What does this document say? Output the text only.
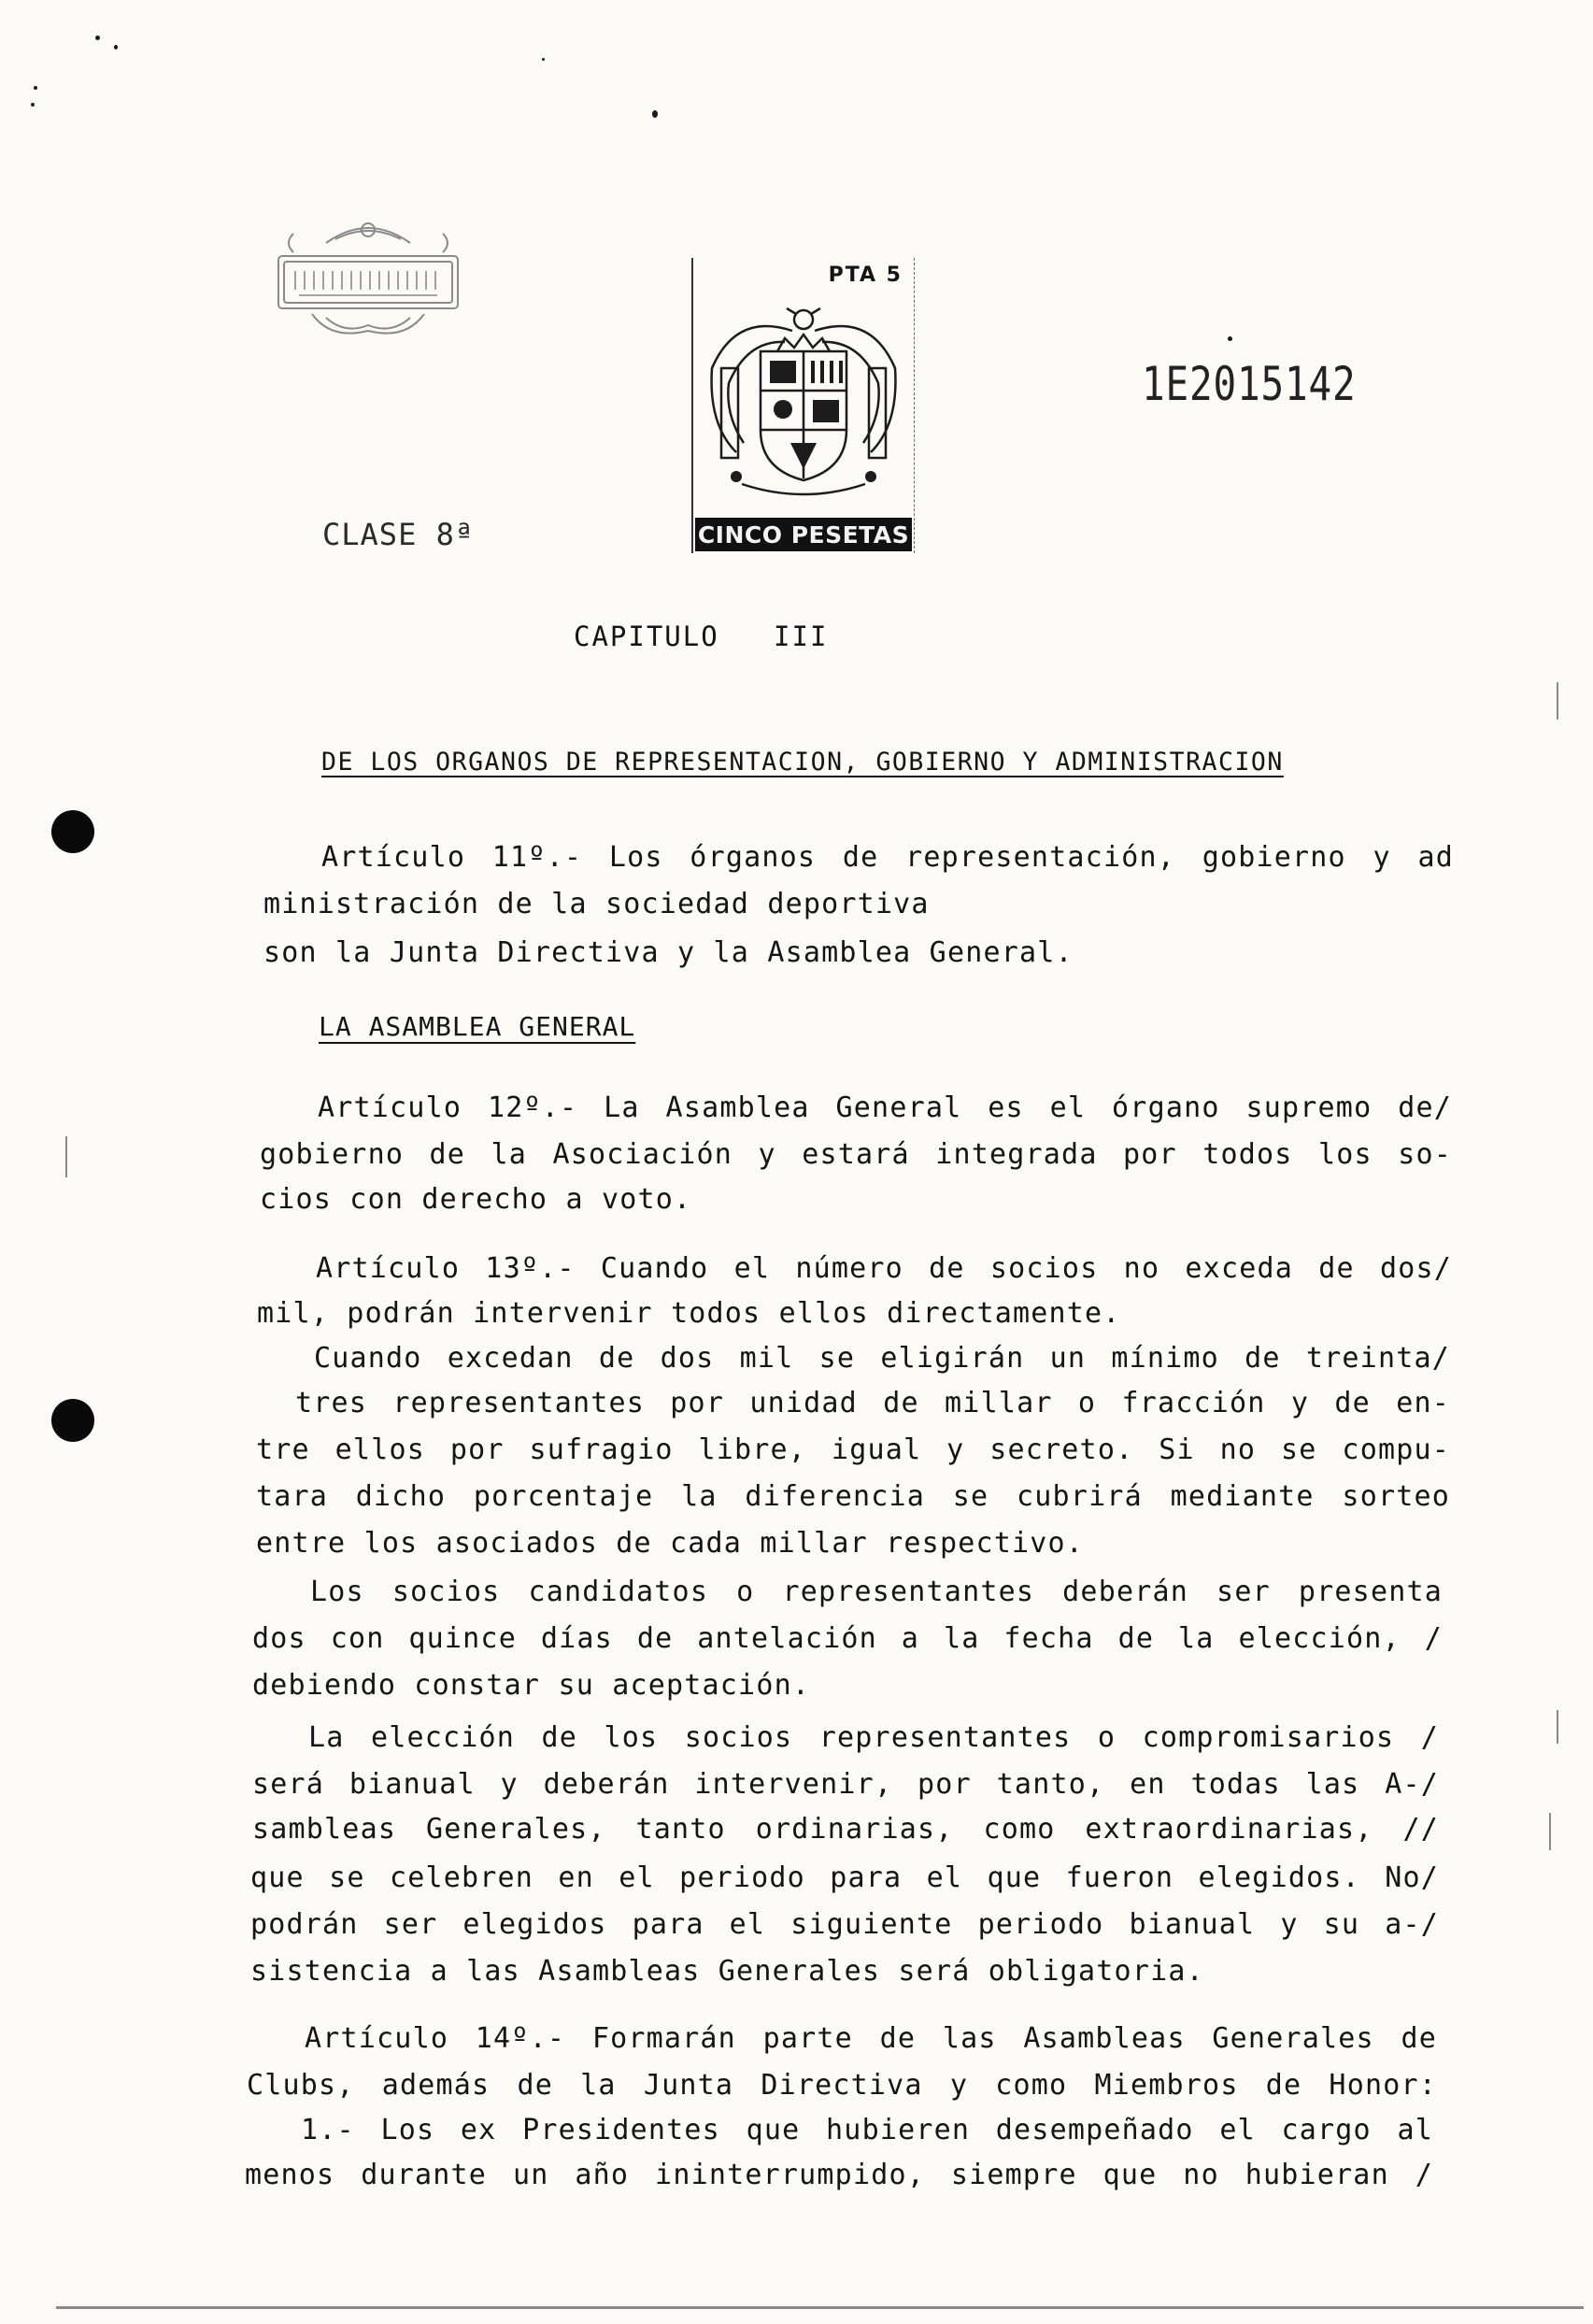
PTA 5
CINCO PESETAS
1E2015142
CLASE 8ª
CAPITULO   III
DE LOS ORGANOS DE REPRESENTACION, GOBIERNO Y ADMINISTRACION
Artículo 11º.- Los órganos de representación, gobierno y ad
ministración de la sociedad deportiva
son la Junta Directiva y la Asamblea General.
LA ASAMBLEA GENERAL
Artículo 12º.- La Asamblea General es el órgano supremo de/
gobierno de la Asociación y estará integrada por todos los so-
cios con derecho a voto.
Artículo 13º.- Cuando el número de socios no exceda de dos/
mil, podrán intervenir todos ellos directamente.
Cuando excedan de dos mil se eligirán un mínimo de treinta/
tres representantes por unidad de millar o fracción y de en-
tre ellos por sufragio libre, igual y secreto. Si no se compu-
tara dicho porcentaje la diferencia se cubrirá mediante sorteo
entre los asociados de cada millar respectivo.
Los socios candidatos o representantes deberán ser presenta
dos con quince días de antelación a la fecha de la elección, /
debiendo constar su aceptación.
La elección de los socios representantes o compromisarios /
será bianual y deberán intervenir, por tanto, en todas las A-/
sambleas Generales, tanto ordinarias, como extraordinarias, //
que se celebren en el periodo para el que fueron elegidos. No/
podrán ser elegidos para el siguiente periodo bianual y su a-/
sistencia a las Asambleas Generales será obligatoria.
Artículo 14º.- Formarán parte de las Asambleas Generales de
Clubs, además de la Junta Directiva y como Miembros de Honor:
1.- Los ex Presidentes que hubieren desempeñado el cargo al
menos durante un año ininterrumpido, siempre que no hubieran /
